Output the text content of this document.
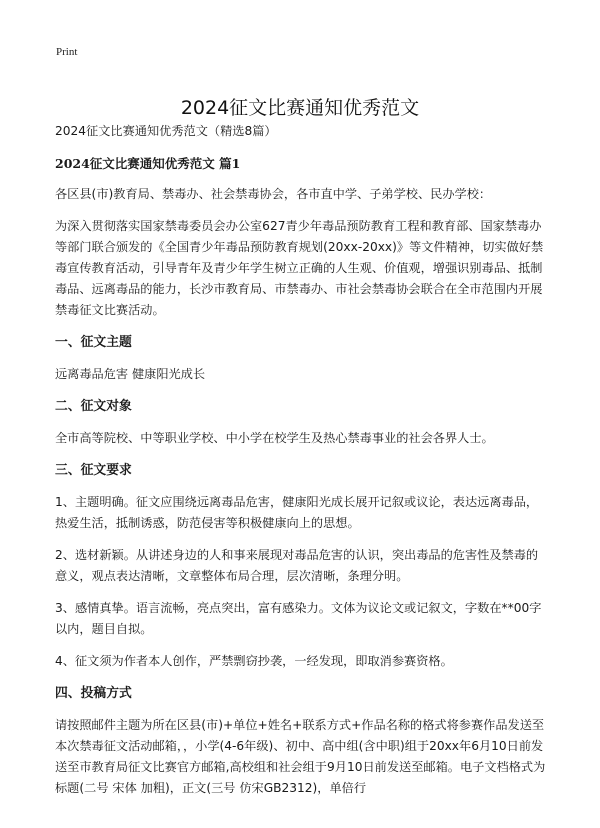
Print
2024征文比赛通知优秀范文

2024征文比赛通知优秀范文（精选8篇）

2024征文比赛通知优秀范文 篇1

各区县(市)教育局、禁毒办、社会禁毒协会，各市直中学、子弟学校、民办学校：

为深入贯彻落实国家禁毒委员会办公室627青少年毒品预防教育工程和教育部、国家禁毒办等部门联合颁发的《全国青少年毒品预防教育规划(20xx-20xx)》等文件精神，切实做好禁毒宣传教育活动，引导青年及青少年学生树立正确的人生观、价值观，增强识别毒品、抵制毒品、远离毒品的能力，长沙市教育局、市禁毒办、市社会禁毒协会联合在全市范围内开展禁毒征文比赛活动。

一、征文主题

远离毒品危害 健康阳光成长

二、征文对象

全市高等院校、中等职业学校、中小学在校学生及热心禁毒事业的社会各界人士。

三、征文要求

1、主题明确。征文应围绕远离毒品危害，健康阳光成长展开记叙或议论，表达远离毒品，热爱生活，抵制诱惑，防范侵害等积极健康向上的思想。

2、选材新颖。从讲述身边的人和事来展现对毒品危害的认识，突出毒品的危害性及禁毒的意义，观点表达清晰，文章整体布局合理，层次清晰，条理分明。

3、感情真挚。语言流畅，亮点突出，富有感染力。文体为议论文或记叙文，字数在**00字以内，题目自拟。

4、征文须为作者本人创作，严禁剽窃抄袭，一经发现，即取消参赛资格。

四、投稿方式

请按照邮件主题为所在区县(市)+单位+姓名+联系方式+作品名称的格式将参赛作品发送至本次禁毒征文活动邮箱，，小学(4-6年级)、初中、高中组(含中职)组于20xx年6月10日前发送至市教育局征文比赛官方邮箱,高校组和社会组于9月10日前发送至邮箱。电子文档格式为标题(二号 宋体 加粗)，正文(三号 仿宋GB2312)，单倍行
